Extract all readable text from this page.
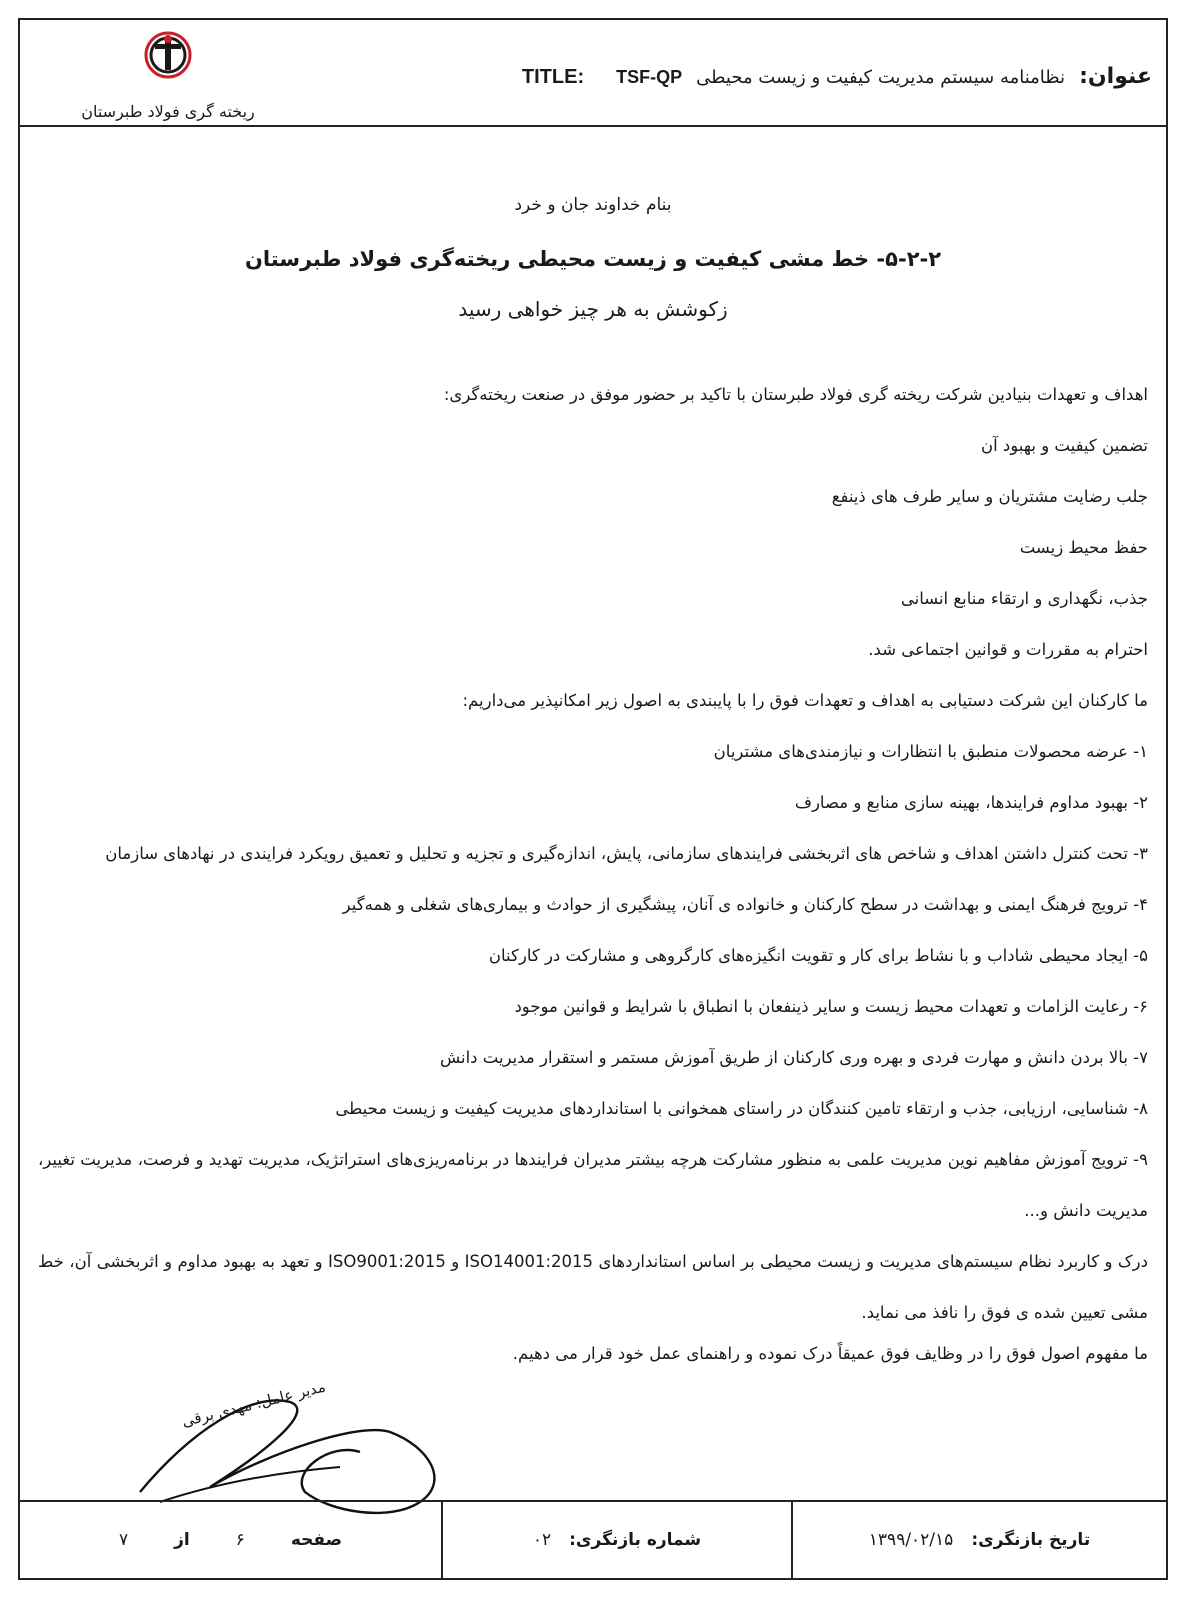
ریخته گری فولاد طبرستان
عنوان:
نظامنامه سیستم مدیریت کیفیت و زیست محیطی
TSF-QP
TITLE:
بنام خداوند جان و خرد
۵-۲-۲- خط مشی کیفیت و زیست محیطی ریخته‌گری فولاد طبرستان
زکوشش به هر چیز خواهی رسید

اهداف و تعهدات بنیادین شرکت ریخته گری فولاد طبرستان با تاکید بر حضور موفق در صنعت ریخته‌گری:

تضمین کیفیت و بهبود آن

جلب رضایت مشتریان و سایر طرف های ذینفع

حفظ محیط زیست

جذب، نگهداری و ارتقاء منابع انسانی

احترام به مقررات و قوانین اجتماعی شد.

ما کارکنان این شرکت دستیابی به اهداف و تعهدات فوق را با پایبندی به اصول زیر امکانپذیر می‌داریم:

۱- عرضه محصولات منطبق با انتظارات و نیازمندی‌های مشتریان

۲- بهبود مداوم فرایندها، بهینه سازی منابع و مصارف

۳- تحت کنترل داشتن اهداف و شاخص های اثربخشی فرایندهای سازمانی، پایش، اندازه‌گیری و تجزیه و تحلیل و تعمیق رویکرد فرایندی در نهادهای سازمان

۴- ترویج فرهنگ ایمنی و بهداشت در سطح کارکنان و خانواده ی آنان، پیشگیری از حوادث و بیماری‌های شغلی و همه‌گیر

۵- ایجاد محیطی شاداب و با نشاط برای کار و تقویت انگیزه‌های کارگروهی و مشارکت در کارکنان

۶- رعایت الزامات و تعهدات محیط زیست و سایر ذینفعان با انطباق با شرایط و قوانین موجود

۷- بالا بردن دانش و مهارت فردی و بهره وری کارکنان از طریق آموزش مستمر و استقرار مدیریت دانش

۸- شناسایی، ارزیابی، جذب و ارتقاء تامین کنندگان در راستای همخوانی با استانداردهای مدیریت کیفیت و زیست محیطی

۹- ترویج آموزش مفاهیم نوین مدیریت علمی به منظور مشارکت هرچه بیشتر مدیران فرایندها در برنامه‌ریزی‌های استراتژیک، مدیریت تهدید و فرصت، مدیریت تغییر، مدیریت دانش و...

درک و کاربرد نظام سیستم‌های مدیریت و زیست محیطی بر اساس استانداردهای ISO14001:2015 و ISO9001:2015 و تعهد به بهبود مداوم و اثربخشی آن، خط مشی تعیین شده ی فوق را نافذ می نماید.

ما مفهوم اصول فوق را در وظایف فوق عمیقاً درک نموده و راهنمای عمل خود قرار می دهیم.

مدیر عامل: مهدی برقی
تاریخ بازنگری:
۱۳۹۹/۰۲/۱۵
شماره بازنگری:
۰۲
صفحه
۶
از
۷
